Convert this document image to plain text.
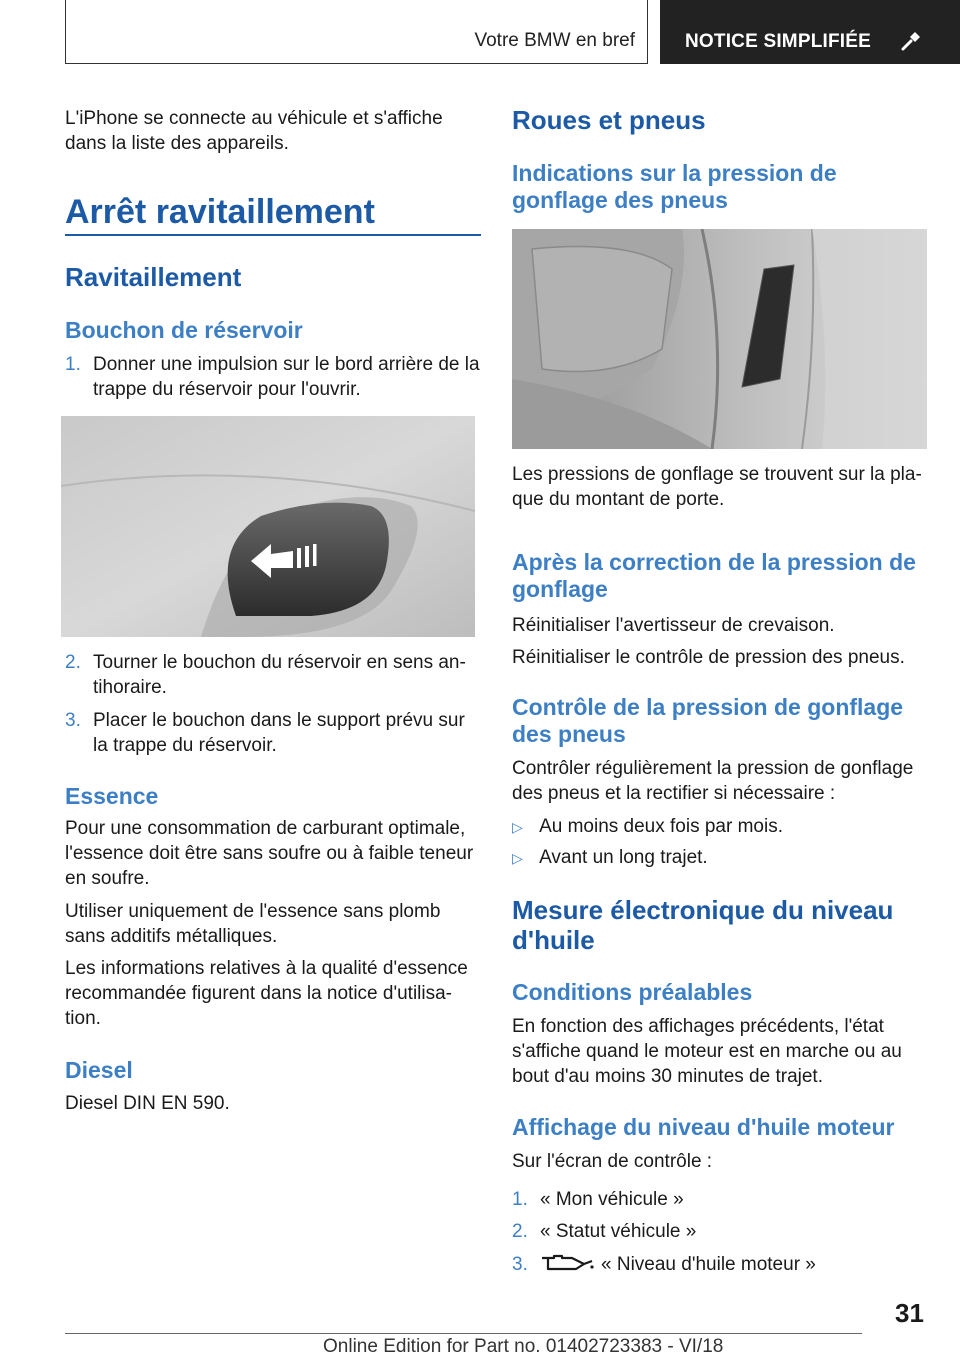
Votre BMW en bref	NOTICE SIMPLIFIÉE
L'iPhone se connecte au véhicule et s'affiche
dans la liste des appareils.
Arrêt ravitaillement
Ravitaillement
Bouchon de réservoir
1. Donner une impulsion sur le bord arrière de la
trappe du réservoir pour l'ouvrir.
2. Tourner le bouchon du réservoir en sens an-
tihoraire.
3. Placer le bouchon dans le support prévu sur
la trappe du réservoir.
Essence
Pour une consommation de carburant optimale,
l'essence doit être sans soufre ou à faible teneur
en soufre.
Utiliser uniquement de l'essence sans plomb
sans additifs métalliques.
Les informations relatives à la qualité d'essence
recommandée figurent dans la notice d'utilisa-
tion.
Diesel
Diesel DIN EN 590.
Roues et pneus
Indications sur la pression de
gonflage des pneus
Les pressions de gonflage se trouvent sur la pla-
que du montant de porte.
Après la correction de la pression de
gonflage
Réinitialiser l'avertisseur de crevaison.
Réinitialiser le contrôle de pression des pneus.
Contrôle de la pression de gonflage
des pneus
Contrôler régulièrement la pression de gonflage
des pneus et la rectifier si nécessaire :
▷ Au moins deux fois par mois.
▷ Avant un long trajet.
Mesure électronique du niveau
d'huile
Conditions préalables
En fonction des affichages précédents, l'état
s'affiche quand le moteur est en marche ou au
bout d'au moins 30 minutes de trajet.
Affichage du niveau d'huile moteur
Sur l'écran de contrôle :
1. « Mon véhicule »
2. « Statut véhicule »
3.	« Niveau d'huile moteur »
31
Online Edition for Part no. 01402723383 - VI/18
